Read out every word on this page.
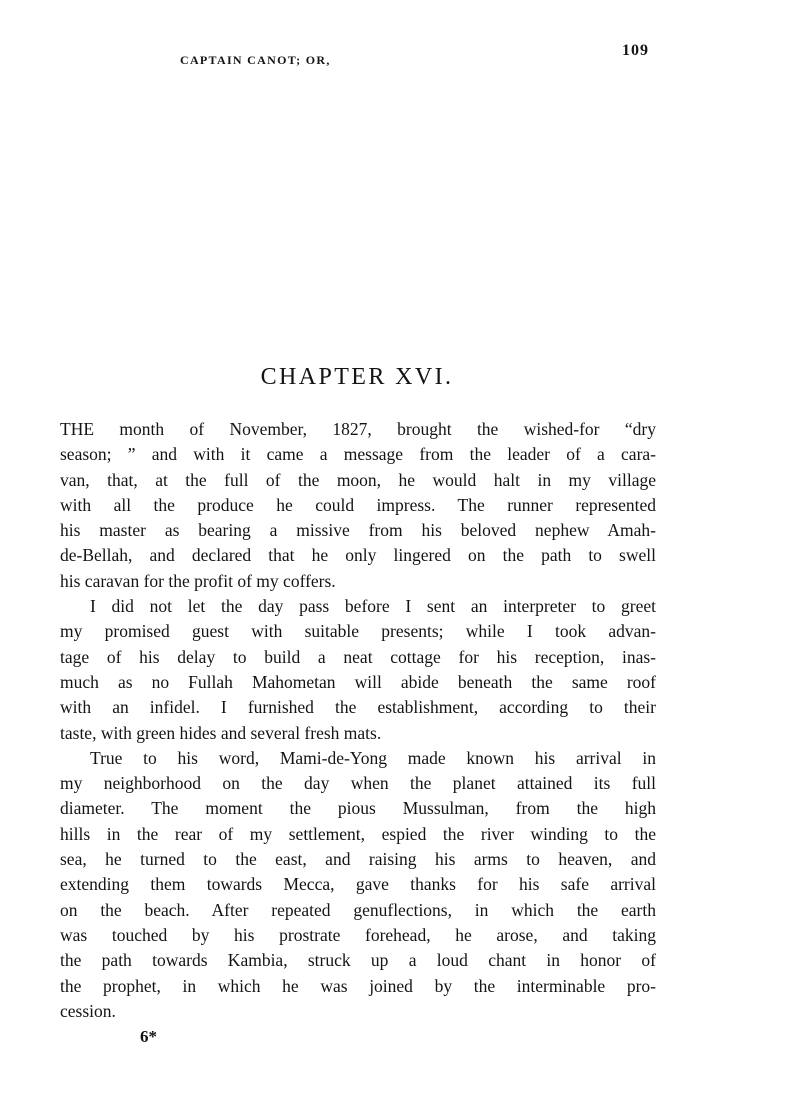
CAPTAIN CANOT; OR,
109
CHAPTER XVI.
THE month of November, 1827, brought the wished-for “dry
season; ” and with it came a message from the leader of a cara-
van, that, at the full of the moon, he would halt in my village
with all the produce he could impress. The runner represented
his master as bearing a missive from his beloved nephew Amah-
de-Bellah, and declared that he only lingered on the path to swell
his caravan for the profit of my coffers.
I did not let the day pass before I sent an interpreter to greet
my promised guest with suitable presents; while I took advan-
tage of his delay to build a neat cottage for his reception, inas-
much as no Fullah Mahometan will abide beneath the same roof
with an infidel. I furnished the establishment, according to their
taste, with green hides and several fresh mats.
True to his word, Mami-de-Yong made known his arrival in
my neighborhood on the day when the planet attained its full
diameter. The moment the pious Mussulman, from the high
hills in the rear of my settlement, espied the river winding to the
sea, he turned to the east, and raising his arms to heaven, and
extending them towards Mecca, gave thanks for his safe arrival
on the beach. After repeated genuflections, in which the earth
was touched by his prostrate forehead, he arose, and taking
the path towards Kambia, struck up a loud chant in honor of
the prophet, in which he was joined by the interminable pro-
cession.
6*
